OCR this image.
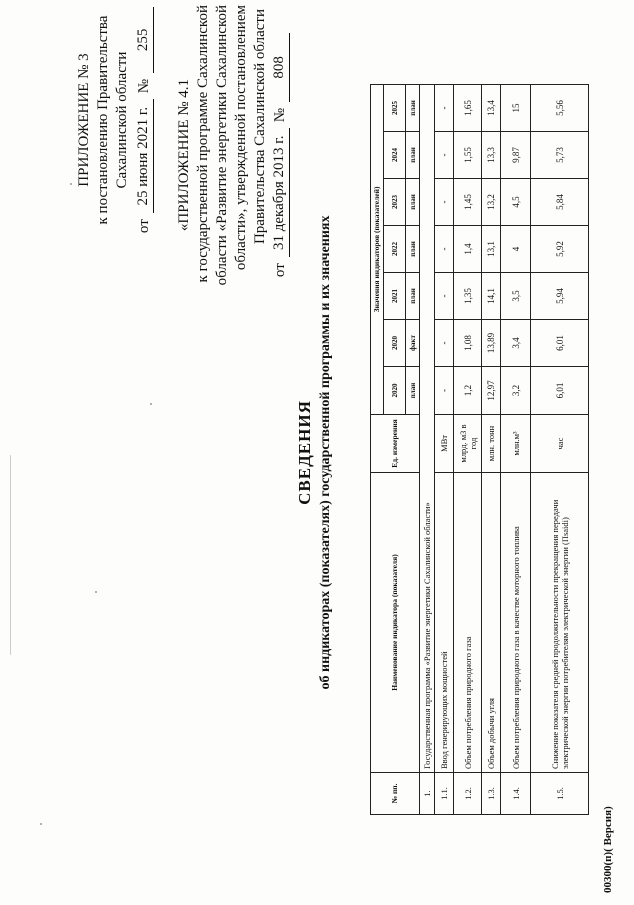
ПРИЛОЖЕНИЕ № 3 к постановлению Правительства Сахалинской области
от
25 июня 2021 г.
№
255
«ПРИЛОЖЕНИЕ № 4.1 к государственной программе Сахалинской области «Развитие энергетики Сахалинской области», утвержденной постановлением Правительства Сахалинской области
от
31 декабря 2013 г.
№
808
СВЕДЕНИЯ об индикаторах (показателях) государственной программы и их значениях
№ пп.	Наименование индикатора (показателя)	Ед. измерения	Значения индикаторов (показателей)						
			2020	2020	2021	2022	2023	2024	2025
			план	факт	план	план	план	план	план
1.	Государственная программа «Развитие энергетики Сахалинской области»								
1.1.	Ввод генерирующих мощностей	МВт	-	-	-	-	-	-	-
1.2.	Объем потребления природного газа	млрд. м3 в год	1,2	1,08	1,35	1,4	1,45	1,55	1,65
1.3.	Объем добычи угля	млн. тонн	12,97	13,89	14,1	13,1	13,2	13,3	13,4
1.4.	Объем потребления природного газа в качестве моторного топлива	млн.м³	3,2	3,4	3,5	4	4,5	9,87	15
1.5.	Снижение показателя средней продолжительности прекращения передачи электрической энергии потребителям электрической энергии (Пsaidi)	час	6,01	6,01	5,94	5,92	5,84	5,73	5,56
00300(п)( Версия)
